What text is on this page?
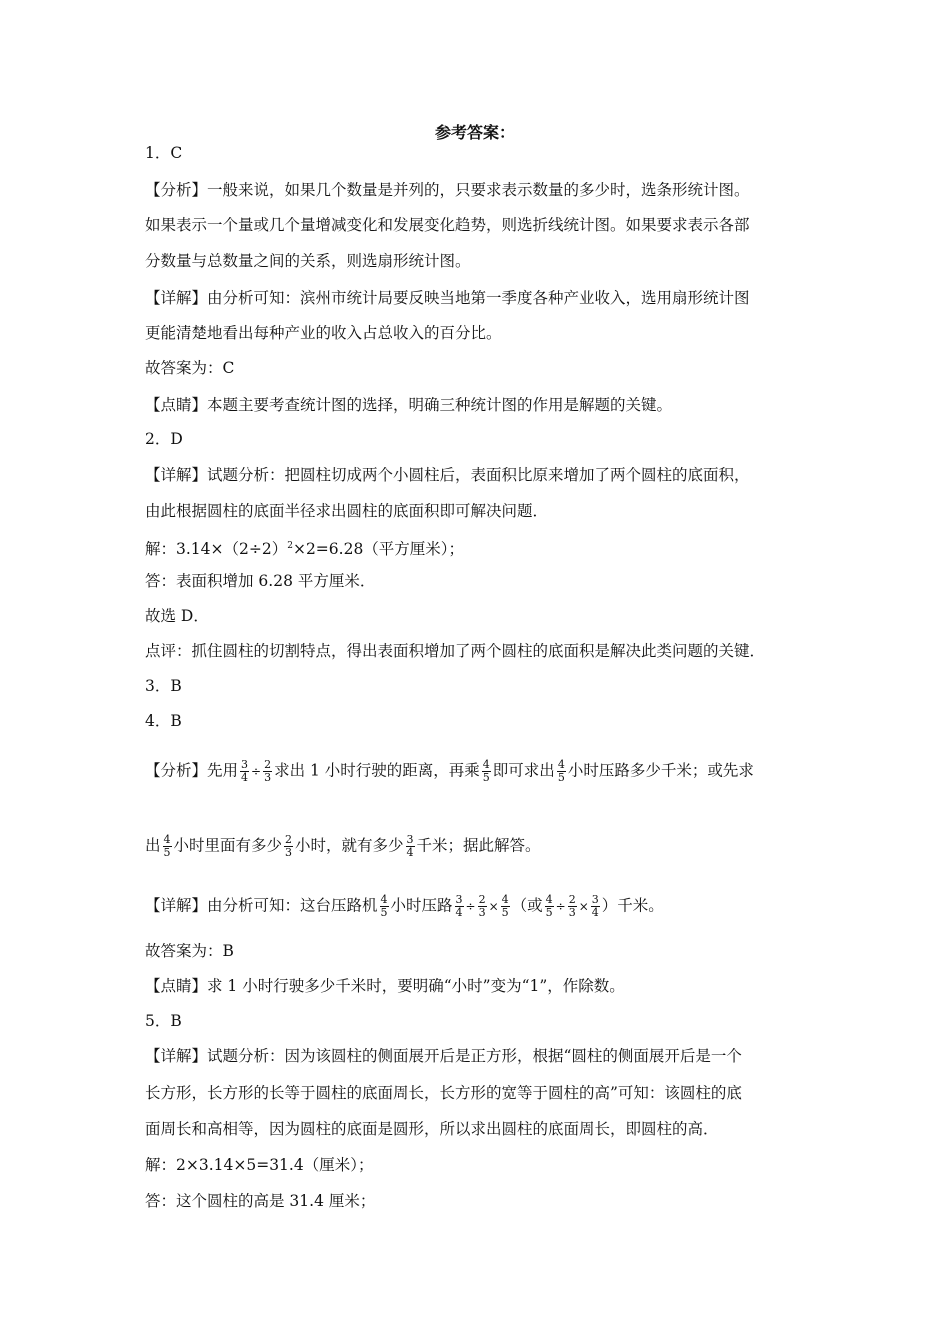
参考答案：
1．C
【分析】一般来说，如果几个数量是并列的，只要求表示数量的多少时，选条形统计图。
如果表示一个量或几个量增减变化和发展变化趋势，则选折线统计图。如果要求表示各部
分数量与总数量之间的关系，则选扇形统计图。
【详解】由分析可知：滨州市统计局要反映当地第一季度各种产业收入，选用扇形统计图
更能清楚地看出每种产业的收入占总收入的百分比。
故答案为：C
【点睛】本题主要考查统计图的选择，明确三种统计图的作用是解题的关键。
2．D
【详解】试题分析：把圆柱切成两个小圆柱后，表面积比原来增加了两个圆柱的底面积，
由此根据圆柱的底面半径求出圆柱的底面积即可解决问题．
解：$3.14\times(2\div 2)^2\times 2=6.28$（平方厘米）；
答：表面积增加 6.28 平方厘米．
故选 D．
点评：抓住圆柱的切割特点，得出表面积增加了两个圆柱的底面积是解决此类问题的关键．
3．B
4．B
【分析】先用 $\frac{3}{4} \div \frac{2}{3}$ 求出 1 小时行驶的距离，再乘 $\frac{4}{5}$ 即可求出 $\frac{4}{5}$ 小时压路多少千米；或先求
出 $\frac{4}{5}$ 小时里面有多少 $\frac{2}{3}$ 小时，就有多少 $\frac{3}{4}$ 千米；据此解答。
【详解】由分析可知：这台压路机 $\frac{4}{5}$ 小时压路 $\frac{3}{4} \div \frac{2}{3} \times \frac{4}{5}$ （或 $\frac{4}{5} \div \frac{2}{3} \times \frac{3}{4}$ ）千米。
故答案为：B
【点睛】求 1 小时行驶多少千米时，要明确“小时”变为“1”，作除数。
5．B
【详解】试题分析：因为该圆柱的侧面展开后是正方形，根据“圆柱的侧面展开后是一个
长方形，长方形的长等于圆柱的底面周长，长方形的宽等于圆柱的高”可知：该圆柱的底
面周长和高相等，因为圆柱的底面是圆形，所以求出圆柱的底面周长，即圆柱的高．
解：2×3.14×5=31.4（厘米）；
答：这个圆柱的高是 31.4 厘米；
